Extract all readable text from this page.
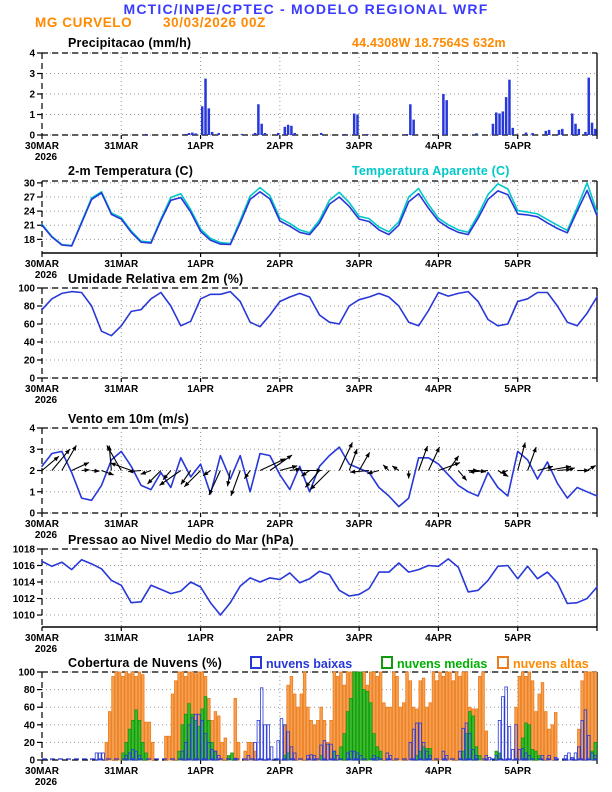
0
1
2
3
4
30MAR
2026
31MAR	1APR	2APR	3APR	4APR	5APR
18
21
24
27
30
30MAR
2026
31MAR	1APR	2APR	3APR	4APR	5APR
0
20
40
60
80
100
30MAR
2026
31MAR	1APR	2APR	3APR	4APR	5APR
0
1
2
3
4
30MAR
2026
31MAR	1APR	2APR	3APR	4APR	5APR
1010
1012
1014
1016
1018
30MAR
2026
31MAR	1APR	2APR	3APR	4APR	5APR
0
20
40
60
80
100
30MAR
2026
31MAR	1APR	2APR	3APR	4APR	5APR
MCTIC/INPE/CPTEC - MODELO REGIONAL WRF
MG CURVELO 30/03/2026 00Z
Precipitacao (mm/h)	44.4308W 18.7564S 632m
2-m Temperatura (C)	Temperatura Aparente (C)
Umidade Relativa em 2m (%)
Vento em 10m (m/s)
Pressao ao Nivel Medio do Mar (hPa)
Cobertura de Nuvens (%)	nuvens baixas	nuvens medias	nuvens altas
